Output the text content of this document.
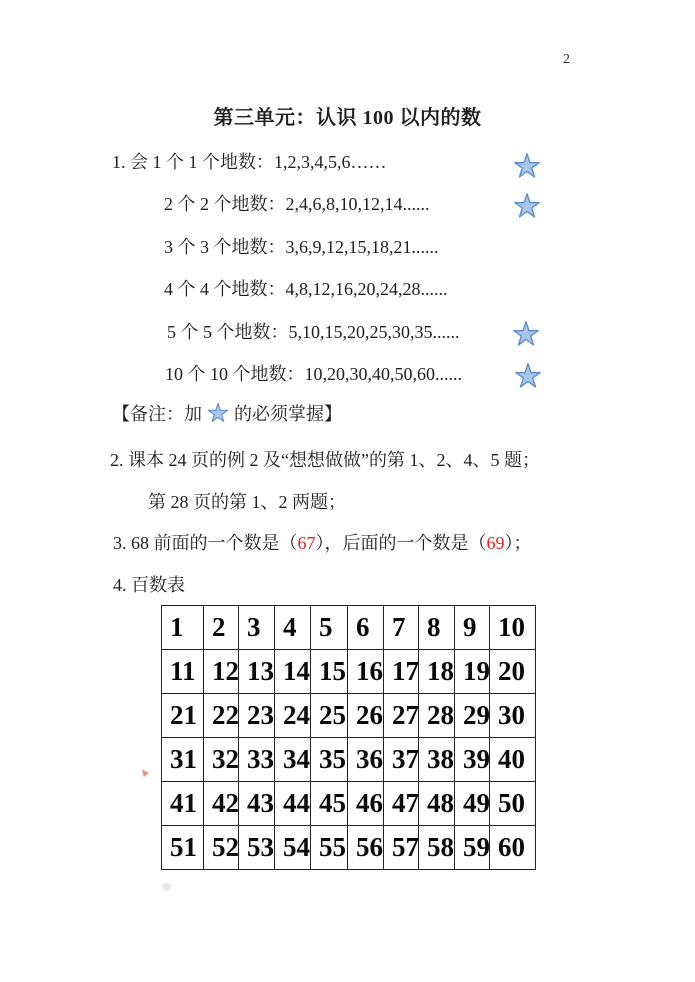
2
第三单元：认识 100 以内的数
1. 会 1 个 1 个地数：1,2,3,4,5,6……
2 个 2 个地数：2,4,6,8,10,12,14......
3 个 3 个地数：3,6,9,12,15,18,21......
4 个 4 个地数：4,8,12,16,20,24,28......
5 个 5 个地数：5,10,15,20,25,30,35......
10 个 10 个地数：10,20,30,40,50,60......
【备注：加 的必须掌握】
2. 课本 24 页的例 2 及“想想做做”的第 1、2、4、5 题；
第 28 页的第 1、2 两题；
3. 68 前面的一个数是（67），后面的一个数是（69）；
4. 百数表
1	2	3	4	5	6	7	8	9	10
11	12	13	14	15	16	17	18	19	20
21	22	23	24	25	26	27	28	29	30
31	32	33	34	35	36	37	38	39	40
41	42	43	44	45	46	47	48	49	50
51	52	53	54	55	56	57	58	59	60
